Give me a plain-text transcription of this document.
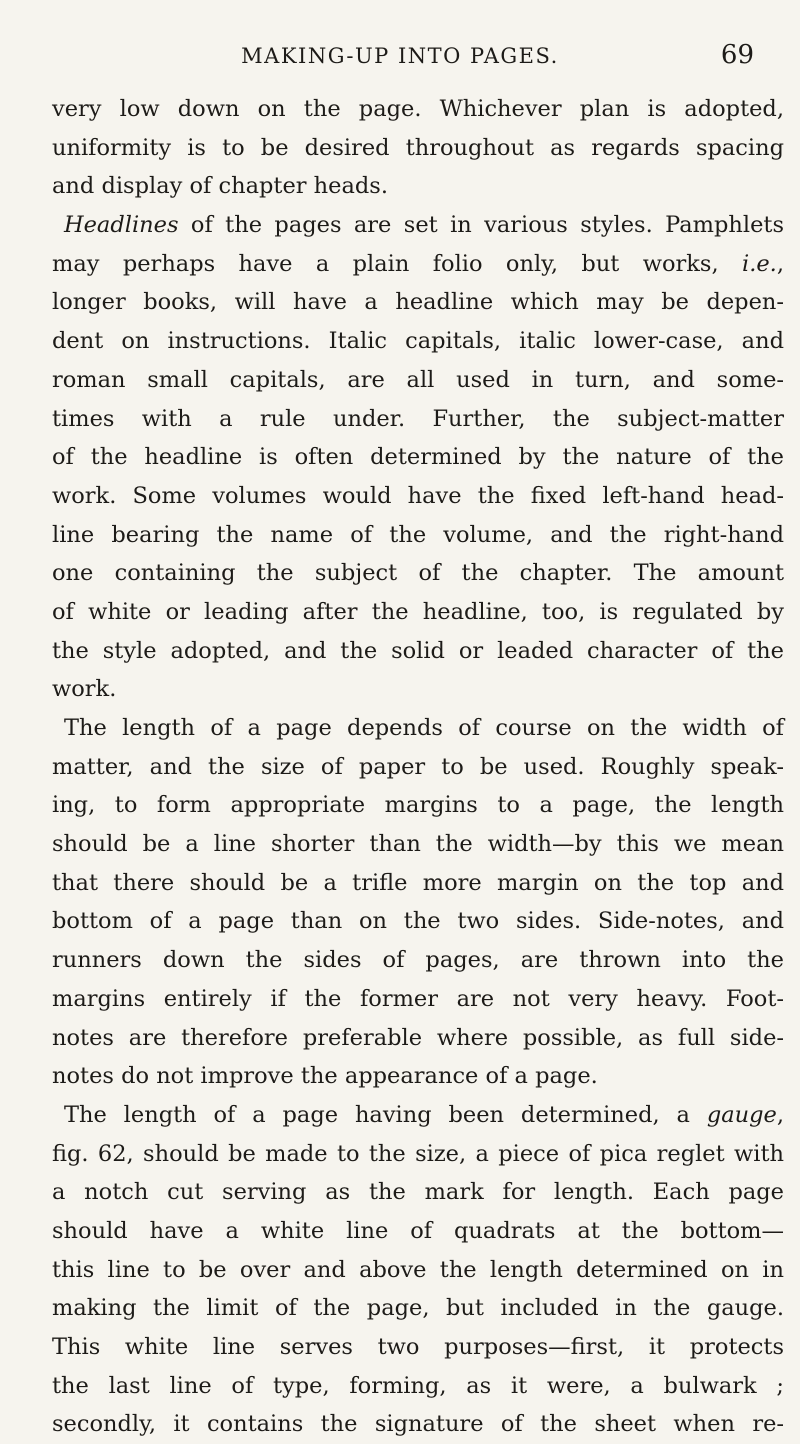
MAKING-UP INTO PAGES.	69
very low down on the page. Whichever plan is adopted,
uniformity is to be desired throughout as regards spacing
and display of chapter heads.
Headlines of the pages are set in various styles. Pamphlets
may perhaps have a plain folio only, but works, i.e.,
longer books, will have a headline which may be depen-
dent on instructions. Italic capitals, italic lower-case, and
roman small capitals, are all used in turn, and some-
times with a rule under. Further, the subject-matter
of the headline is often determined by the nature of the
work. Some volumes would have the fixed left-hand head-
line bearing the name of the volume, and the right-hand
one containing the subject of the chapter. The amount
of white or leading after the headline, too, is regulated by
the style adopted, and the solid or leaded character of the
work.
The length of a page depends of course on the width of
matter, and the size of paper to be used. Roughly speak-
ing, to form appropriate margins to a page, the length
should be a line shorter than the width—by this we mean
that there should be a trifle more margin on the top and
bottom of a page than on the two sides. Side-notes, and
runners down the sides of pages, are thrown into the
margins entirely if the former are not very heavy. Foot-
notes are therefore preferable where possible, as full side-
notes do not improve the appearance of a page.
The length of a page having been determined, a gauge,
fig. 62, should be made to the size, a piece of pica reglet with
a notch cut serving as the mark for length. Each page
should have a white line of quadrats at the bottom—
this line to be over and above the length determined on in
making the limit of the page, but included in the gauge.
This white line serves two purposes—first, it protects
the last line of type, forming, as it were, a bulwark ;
secondly, it contains the signature of the sheet when re-
